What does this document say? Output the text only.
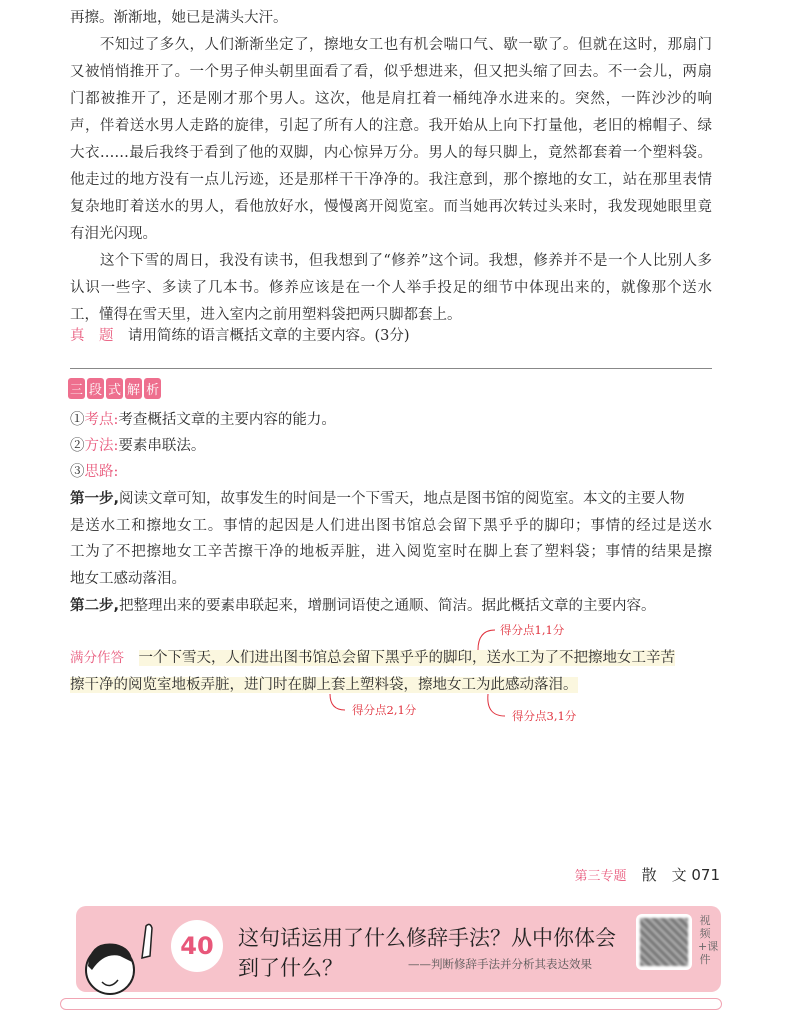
再擦。渐渐地，她已是满头大汗。
　　不知过了多久，人们渐渐坐定了，擦地女工也有机会喘口气、歇一歇了。但就在这时，那扇门
又被悄悄推开了。一个男子伸头朝里面看了看，似乎想进来，但又把头缩了回去。不一会儿，两扇
门都被推开了，还是刚才那个男人。这次，他是肩扛着一桶纯净水进来的。突然，一阵沙沙的响
声，伴着送水男人走路的旋律，引起了所有人的注意。我开始从上向下打量他，老旧的棉帽子、绿
大衣……最后我终于看到了他的双脚，内心惊异万分。男人的每只脚上，竟然都套着一个塑料袋。
他走过的地方没有一点儿污迹，还是那样干干净净的。我注意到，那个擦地的女工，站在那里表情
复杂地盯着送水的男人，看他放好水，慢慢离开阅览室。而当她再次转过头来时，我发现她眼里竟
有泪光闪现。
　　这个下雪的周日，我没有读书，但我想到了“修养”这个词。我想，修养并不是一个人比别人多
认识一些字、多读了几本书。修养应该是在一个人举手投足的细节中体现出来的，就像那个送水
工，懂得在雪天里，进入室内之前用塑料袋把两只脚都套上。
真　题　 请用简练的语言概括文章的主要内容。(3分)
三 段 式 解 析
①考点:考查概括文章的主要内容的能力。
②方法:要素串联法。
③思路:
第一步,阅读文章可知，故事发生的时间是一个下雪天，地点是图书馆的阅览室。本文的主要人物
是送水工和擦地女工。事情的起因是人们进出图书馆总会留下黑乎乎的脚印；事情的经过是送水
工为了不把擦地女工辛苦擦干净的地板弄脏，进入阅览室时在脚上套了塑料袋；事情的结果是擦
地女工感动落泪。
第二步,把整理出来的要素串联起来，增删词语使之通顺、简洁。据此概括文章的主要内容。
满分作答　 一个下雪天，人们进出图书馆总会留下黑乎乎的脚印，送水工为了不把擦地女工辛苦
擦干净的阅览室地板弄脏，进门时在脚上套上塑料袋，擦地女工为此感动落泪。
得分点1,1分
得分点2,1分	得分点3,1分
第三专题　 散　文 071
40	这句话运用了什么修辞手法？从中你体会
到了什么？	——判断修辞手法并分析其表达效果
视频+课件
